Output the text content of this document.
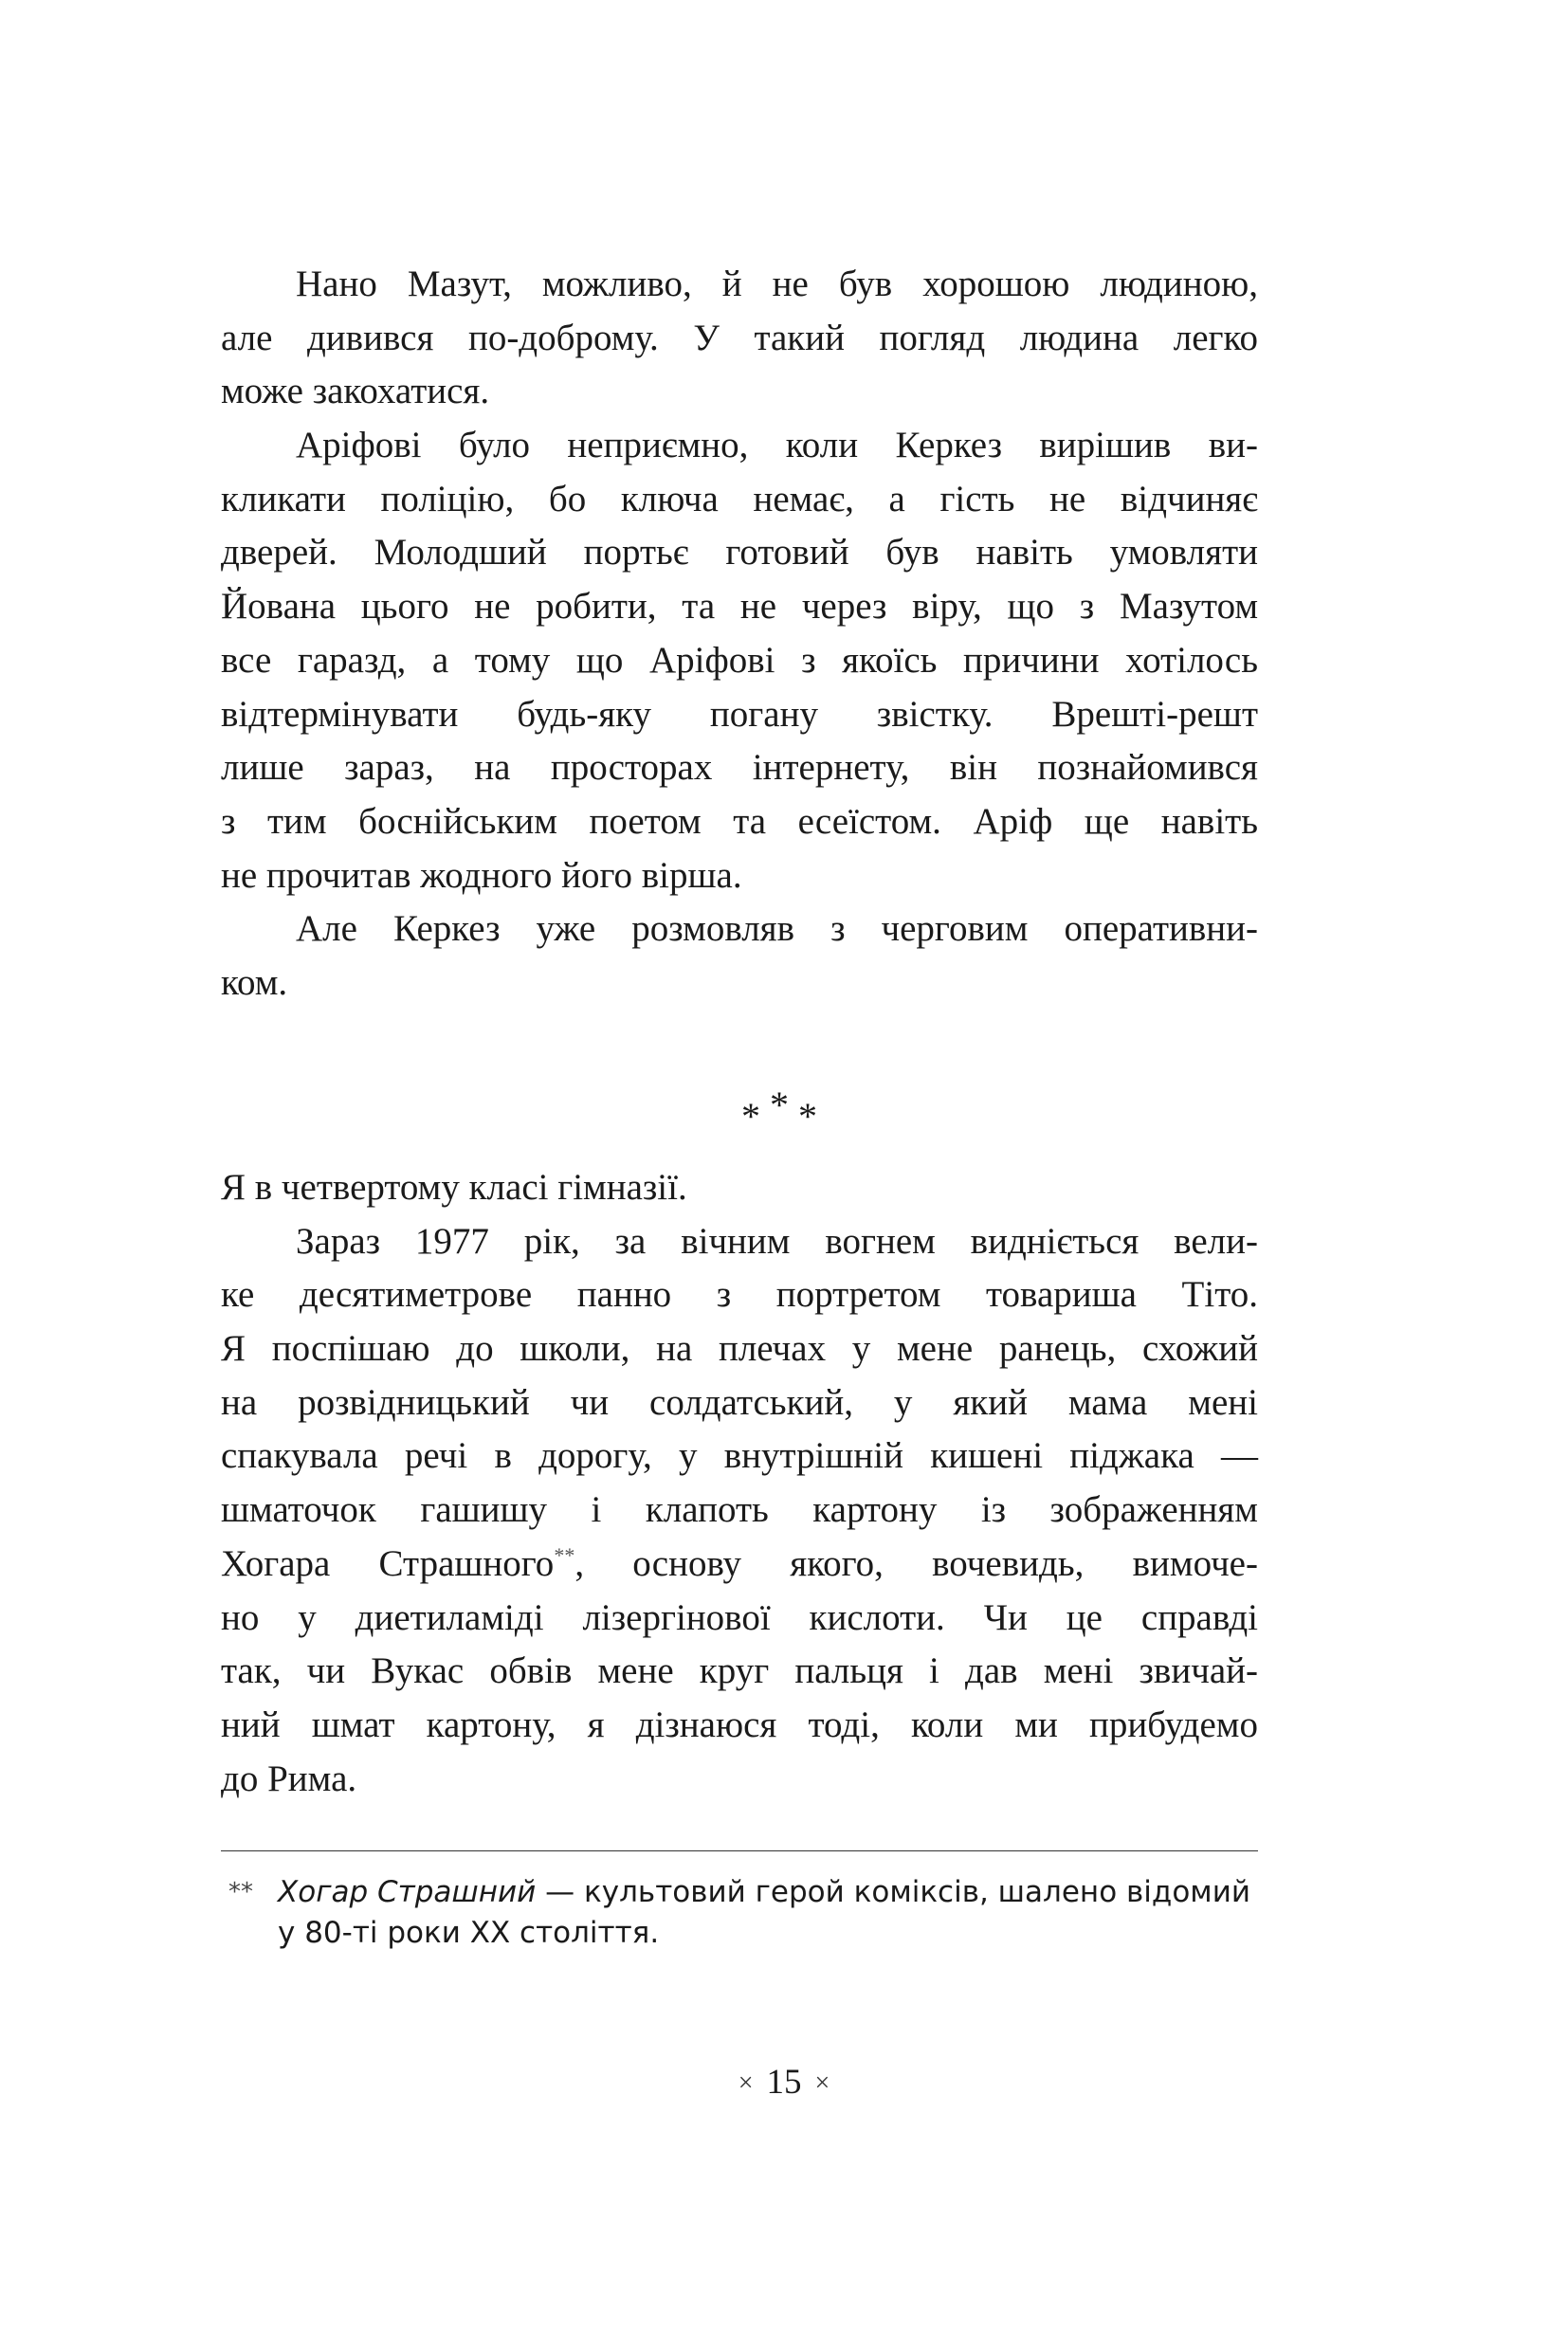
Нано Мазут, можливо, й не був хорошою людиною,
але дивився по-доброму. У такий погляд людина легко
може закохатися.
Аріфові було неприємно, коли Керкез вирішив ви-
кликати поліцію, бо ключа немає, а гість не відчиняє
дверей. Молодший портьє готовий був навіть умовляти
Йована цього не робити, та не через віру, що з Мазутом
все гаразд, а тому що Аріфові з якоїсь причини хотілось
відтермінувати будь-яку погану звістку. Врешті-решт
лише зараз, на просторах інтернету, він познайомився
з тим боснійським поетом та есеїстом. Аріф ще навіть
не прочитав жодного його вірша.
Але Керкез уже розмовляв з черговим оперативни-
ком.
***
Я в четвертому класі гімназії.
Зараз 1977 рік, за вічним вогнем видніється вели-
ке десятиметрове панно з портретом товариша Тіто.
Я поспішаю до школи, на плечах у мене ранець, схожий
на розвідницький чи солдатський, у який мама мені
спакувала речі в дорогу, у внутрішній кишені піджака —
шматочок гашишу і клапоть картону із зображенням
Хогара Страшного**, основу якого, вочевидь, вимоче-
но у диетиламіді лізергінової кислоти. Чи це справді
так, чи Вукас обвів мене круг пальця і дав мені звичай-
ний шмат картону, я дізнаюся тоді, коли ми прибудемо
до Рима.
** Хогар Страшний — культовий герой коміксів, шалено відомий
у 80-ті роки XX століття.
× 15 ×
